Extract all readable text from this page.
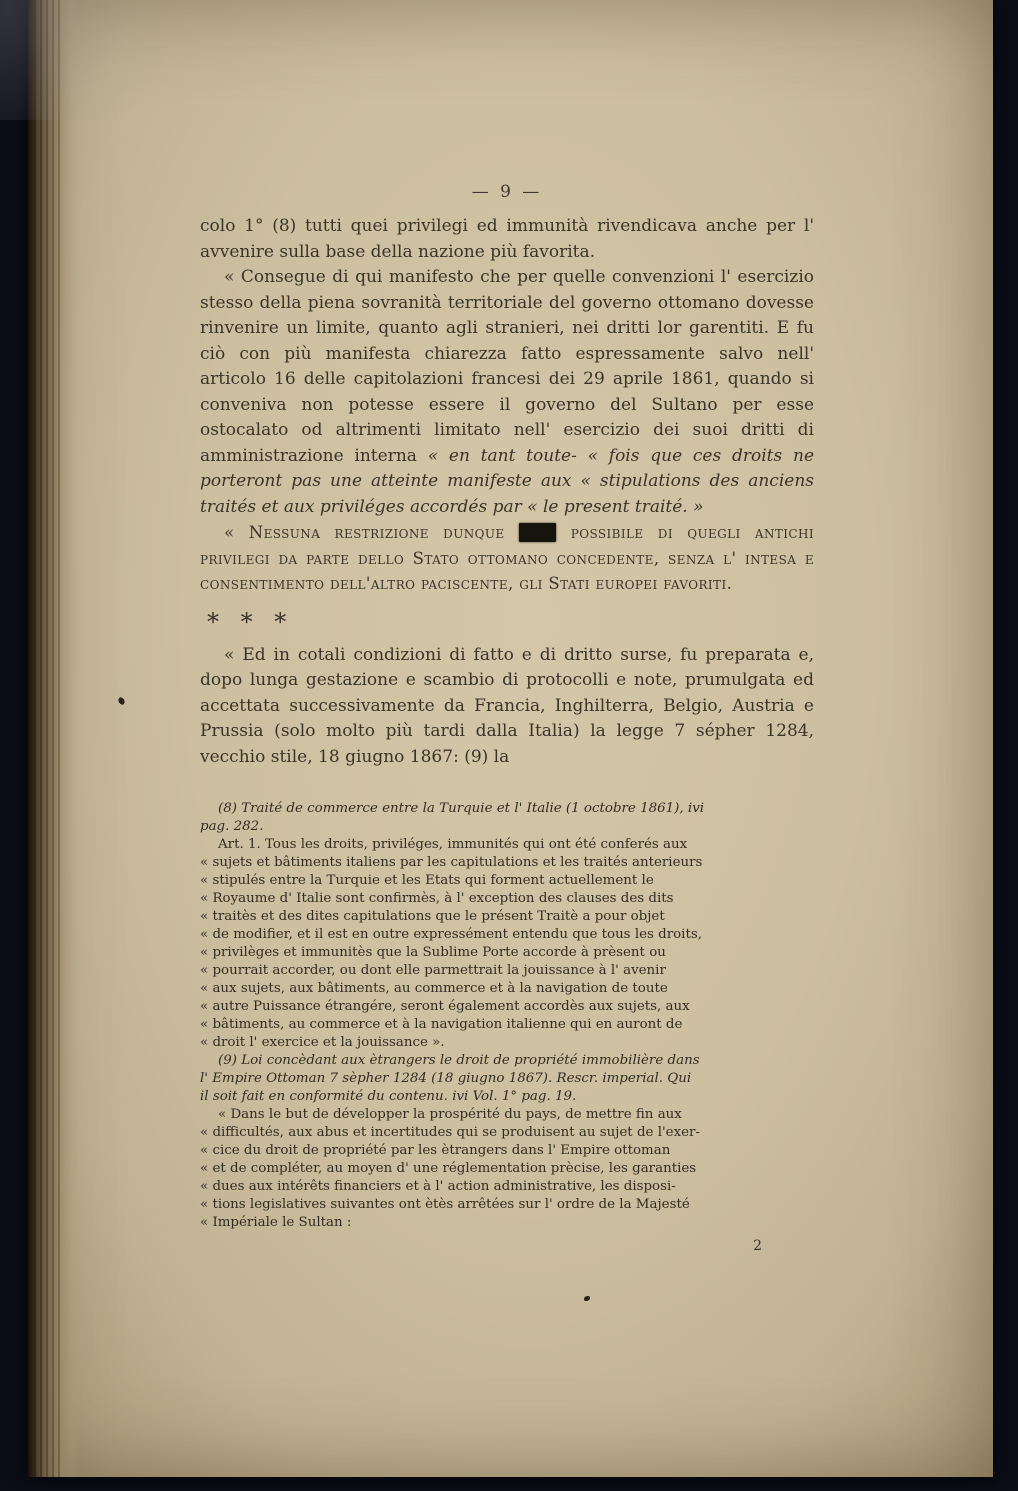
— 9 —

colo 1° (8) tutti quei privilegi ed immunità rivendicava anche per l' avvenire sulla base della nazione più favorita.

« Consegue di qui manifesto che per quelle convenzioni l' esercizio stesso della piena sovranità territoriale del governo ottomano dovesse rinvenire un limite, quanto agli stranieri, nei dritti lor garentiti. E fu ciò con più manifesta chiarezza fatto espressamente salvo nell' articolo 16 delle capitolazioni francesi dei 29 aprile 1861, quando si conveniva non potesse essere il governo del Sultano per esse ostocalato od altrimenti limitato nell' esercizio dei suoi dritti di amministrazione interna « en tant toute- « fois que ces droits ne porteront pas une atteinte manifeste aux « stipulations des anciens traités et aux priviléges accordés par « le present traité. »

« Nessuna restrizione dunque era possibile di quegli antichi privilegi da parte dello Stato ottomano concedente, senza l' intesa e consentimento dell'altro paciscente, gli Stati europei favoriti.

* * *

« Ed in cotali condizioni di fatto e di dritto surse, fu preparata e, dopo lunga gestazione e scambio di protocolli e note, prumulgata ed accettata successivamente da Francia, Inghilterra, Belgio, Austria e Prussia (solo molto più tardi dalla Italia) la legge 7 sépher 1284, vecchio stile, 18 giugno 1867: (9) la

(8) Traité de commerce entre la Turquie et l' Italie (1 octobre 1861), ivi
pag. 282.
Art. 1. Tous les droits, priviléges, immunités qui ont été conferés aux
« sujets et bâtiments italiens par les capitulations et les traités anterieurs
« stipulés entre la Turquie et les Etats qui forment actuellement le
« Royaume d' Italie sont confirmès, à l' exception des clauses des dits
« traitès et des dites capitulations que le présent Traitè a pour objet
« de modifier, et il est en outre expressément entendu que tous les droits,
« privilèges et immunitès que la Sublime Porte accorde à prèsent ou
« pourrait accorder, ou dont elle parmettrait la jouissance à l' avenir
« aux sujets, aux bâtiments, au commerce et à la navigation de toute
« autre Puissance étrangére, seront également accordès aux sujets, aux
« bâtiments, au commerce et à la navigation italienne qui en auront de
« droit l' exercice et la jouissance ».
(9) Loi concèdant aux ètrangers le droit de propriété immobilière dans
l' Empire Ottoman 7 sèpher 1284 (18 giugno 1867). Rescr. imperial. Qui
il soit fait en conformité du contenu. ivi Vol. 1° pag. 19.
« Dans le but de développer la prospérité du pays, de mettre fin aux
« difficultés, aux abus et incertitudes qui se produisent au sujet de l'exer-
« cice du droit de propriété par les ètrangers dans l' Empire ottoman
« et de compléter, au moyen d' une réglementation prècise, les garanties
« dues aux intérêts financiers et à l' action administrative, les disposi-
« tions legislatives suivantes ont ètès arrêtées sur l' ordre de la Majesté
« Impériale le Sultan :
2
